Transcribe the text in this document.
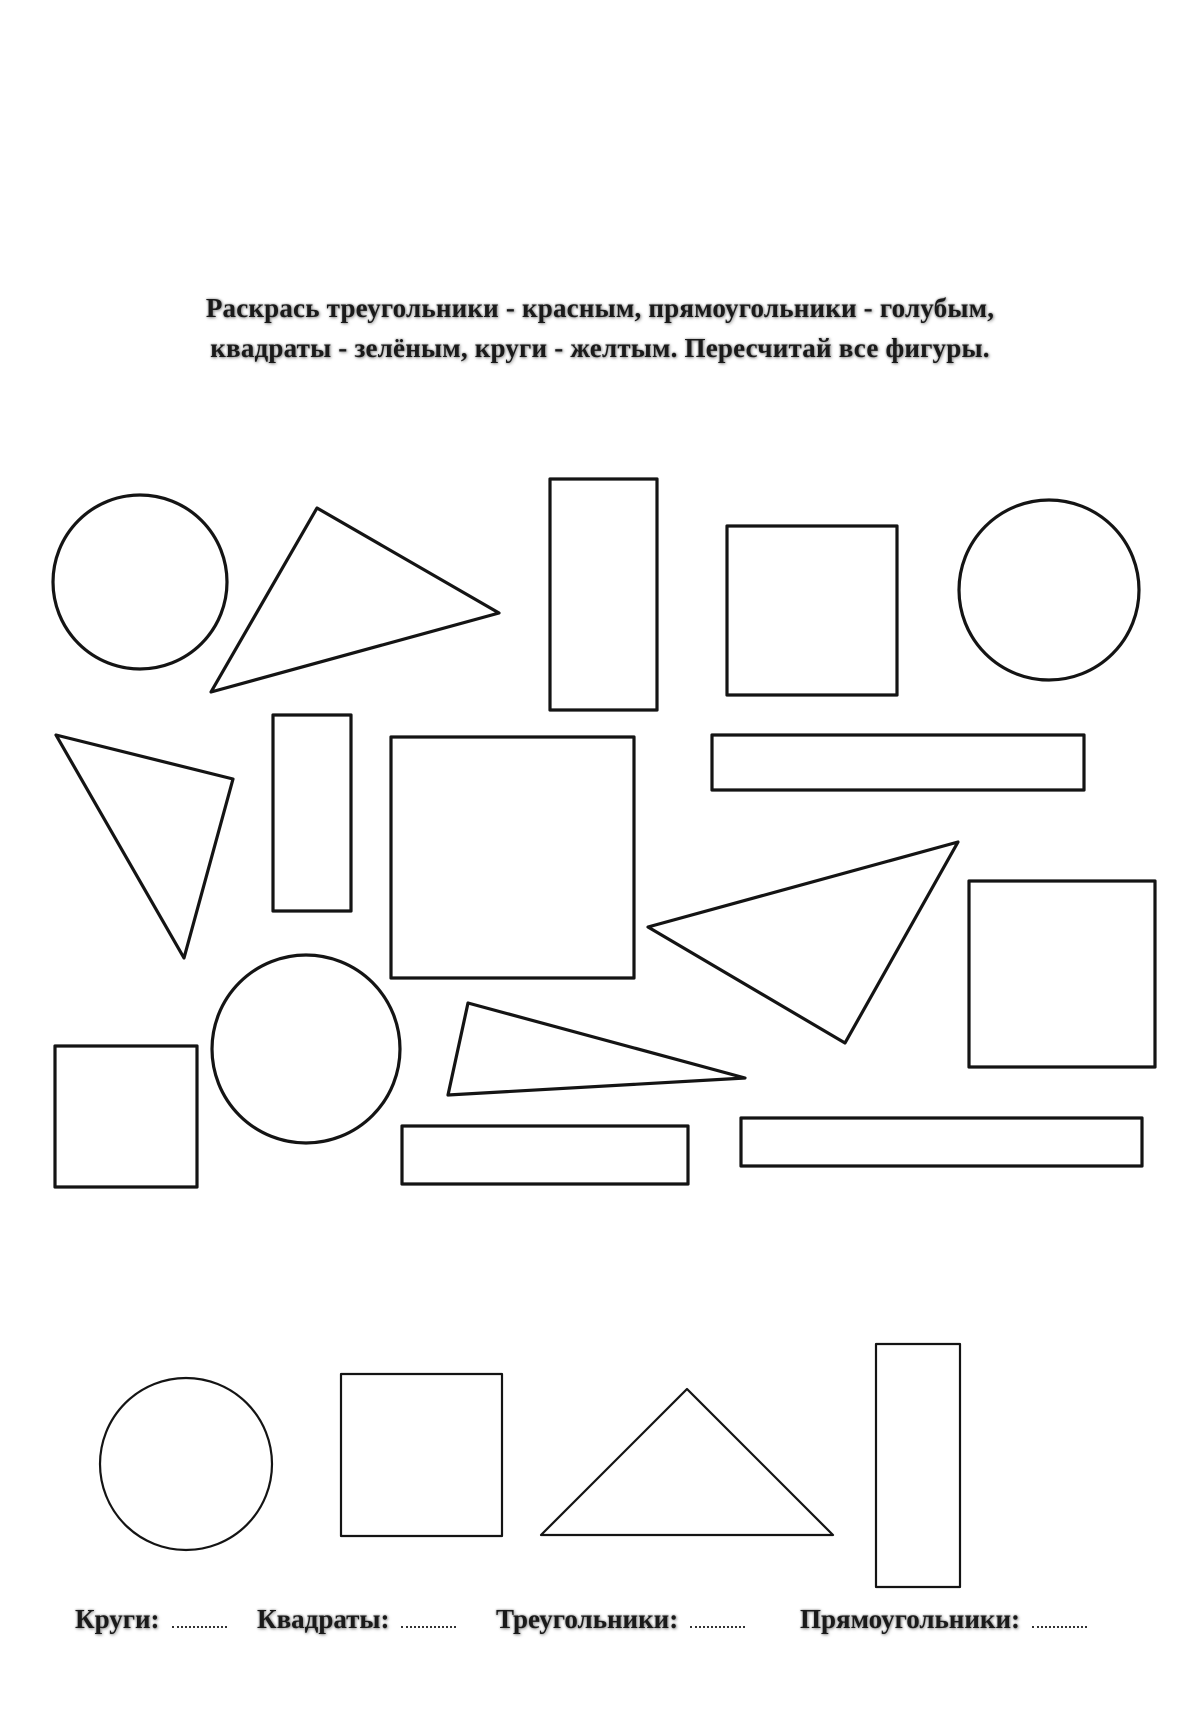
Раскрась треугольники - красным, прямоугольники - голубым,
квадраты - зелёным, круги - желтым. Пересчитай все фигуры.
Круги:	Квадраты:	Треугольники:	Прямоугольники:
